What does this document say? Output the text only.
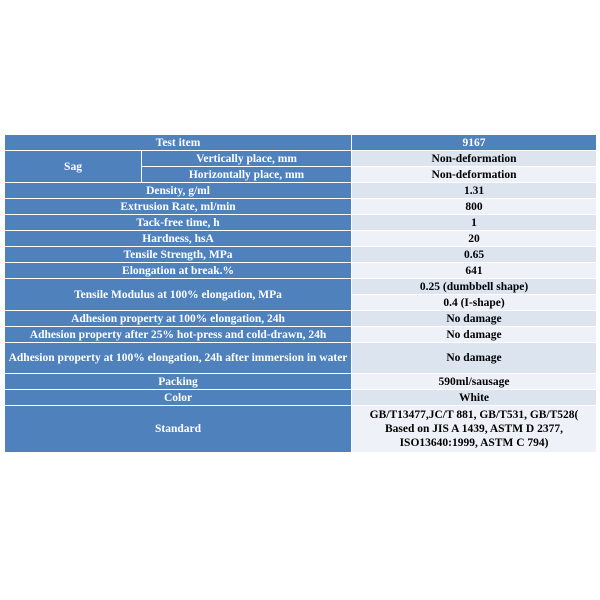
Test item		9167
Sag	Vertically place, mm	Non-deformation
	Horizontally place, mm	Non-deformation
Density, g/ml		1.31
Extrusion Rate, ml/min		800
Tack-free time, h		1
Hardness, hsA		20
Tensile Strength, MPa		0.65
Elongation at break.%		641
Tensile Modulus at 100% elongation, MPa		0.25 (dumbbell shape)
		0.4 (I-shape)
Adhesion property at 100% elongation, 24h		No damage
Adhesion property after 25% hot-press and cold-drawn, 24h		No damage
Adhesion property at 100% elongation, 24h after immersion in water		No damage
Packing		590ml/sausage
Color		White
Standard		GB/T13477,JC/T 881, GB/T531, GB/T528( Based on JIS A 1439, ASTM D 2377, ISO13640:1999, ASTM C 794)
